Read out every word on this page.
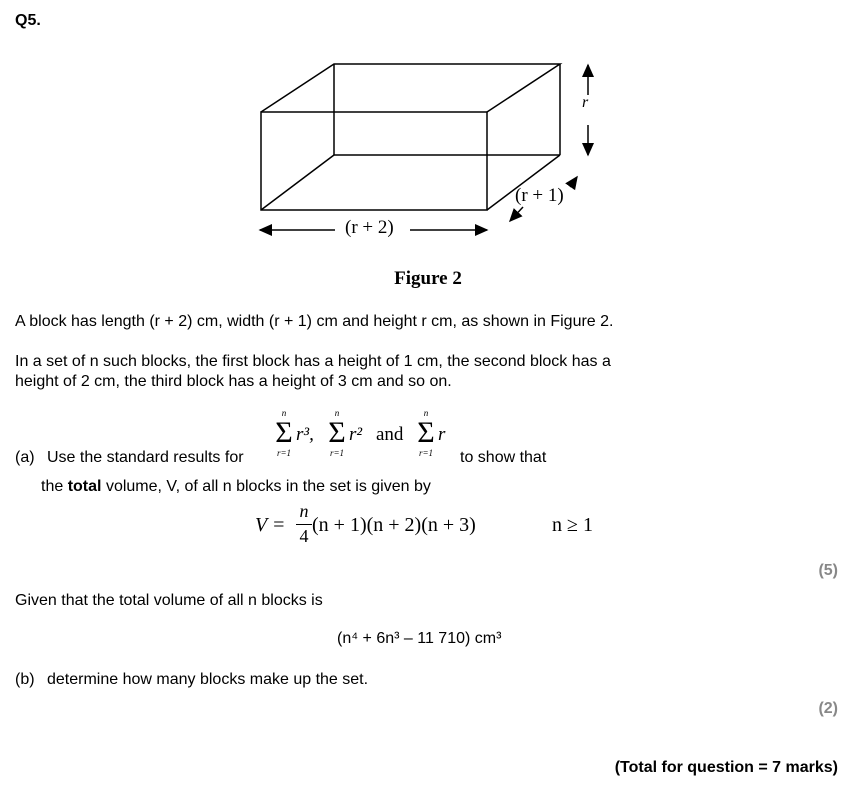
Q5.
(r + 2)
r
(r + 1)
Figure 2
A block has length (r + 2) cm, width (r + 1) cm and height r cm, as shown in Figure 2.
In a set of n such blocks, the first block has a height of 1 cm, the second block has a
height of 2 cm, the third block has a height of 3 cm and so on.
(a) Use the standard results for
n
Σ
r=1
r³,
n
Σ
r=1
r² and
n
Σ
r=1
r
to show that
the total volume, V, of all n blocks in the set is given by
V =
n
4 (n + 1)(n + 2)(n + 3)	n ≥ 1
(5)
Given that the total volume of all n blocks is
(n⁴ + 6n³ – 11 710) cm³
(b) determine how many blocks make up the set.
(2)
(Total for question = 7 marks)
